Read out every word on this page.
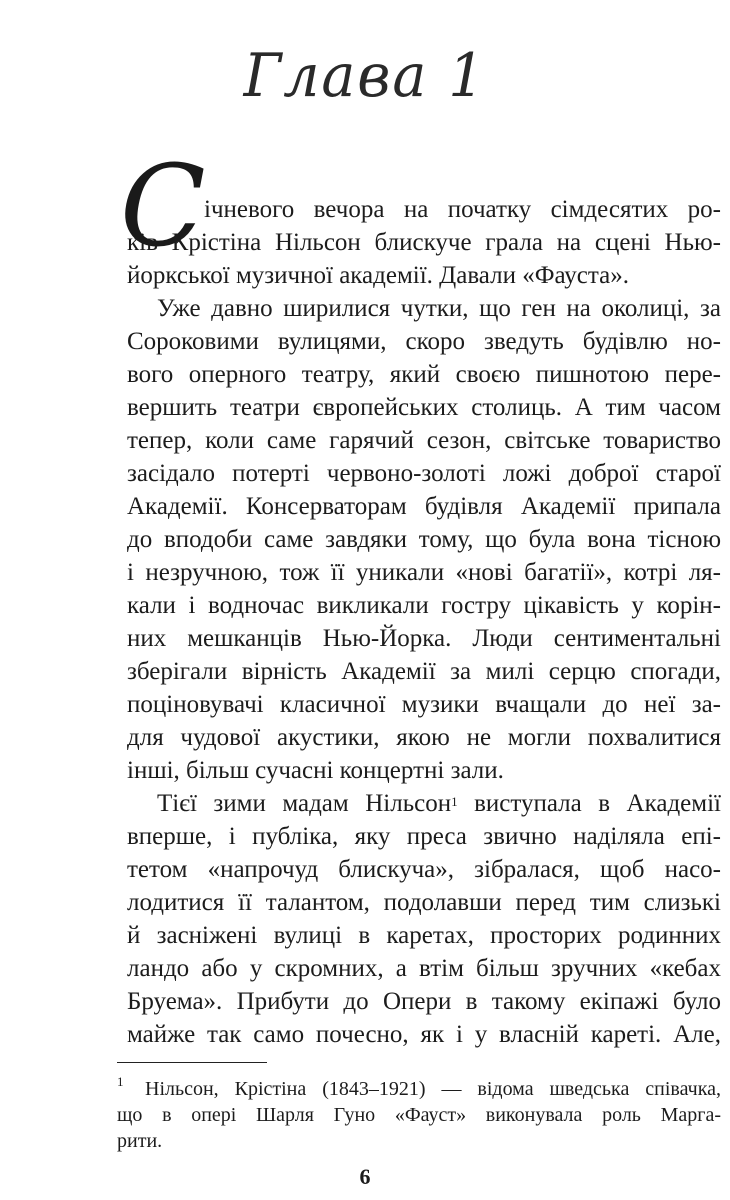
Глава 1
С
ічневого вечора на початку сімдесятих ро-
ків Крістіна Нільсон блискуче грала на сцені Нью-
йоркської музичної академії. Давали «Фауста».
Уже давно ширилися чутки, що ген на околиці, за
Сороковими вулицями, скоро зведуть будівлю но-
вого оперного театру, який своєю пишнотою пере-
вершить театри європейських столиць. А тим часом
тепер, коли саме гарячий сезон, світське товариство
засідало потерті червоно-золоті ложі доброї старої
Академії. Консерваторам будівля Академії припала
до вподоби саме завдяки тому, що була вона тісною
і незручною, тож її уникали «нові багатії», котрі ля-
кали і водночас викликали гостру цікавість у корін-
них мешканців Нью-Йорка. Люди сентиментальні
зберігали вірність Академії за милі серцю спогади,
поціновувачі класичної музики вчащали до неї за-
для чудової акустики, якою не могли похвалитися
інші, більш сучасні концертні зали.
Тієї зими мадам Нільсон$^1$ виступала в Академії
вперше, і публіка, яку преса звично наділяла епі-
тетом «напрочуд блискуча», зібралася, щоб насо-
лодитися її талантом, подолавши перед тим слизькі
й засніжені вулиці в каретах, просторих родинних
ландо або у скромних, а втім більш зручних «кебах
Бруема». Прибути до Опери в такому екіпажі було
майже так само почесно, як і у власній кареті. Але,
1 Нільсон, Крістіна (1843–1921) — відома шведська співачка,
що в опері Шарля Гуно «Фауст» виконувала роль Марга-
рити.
6
